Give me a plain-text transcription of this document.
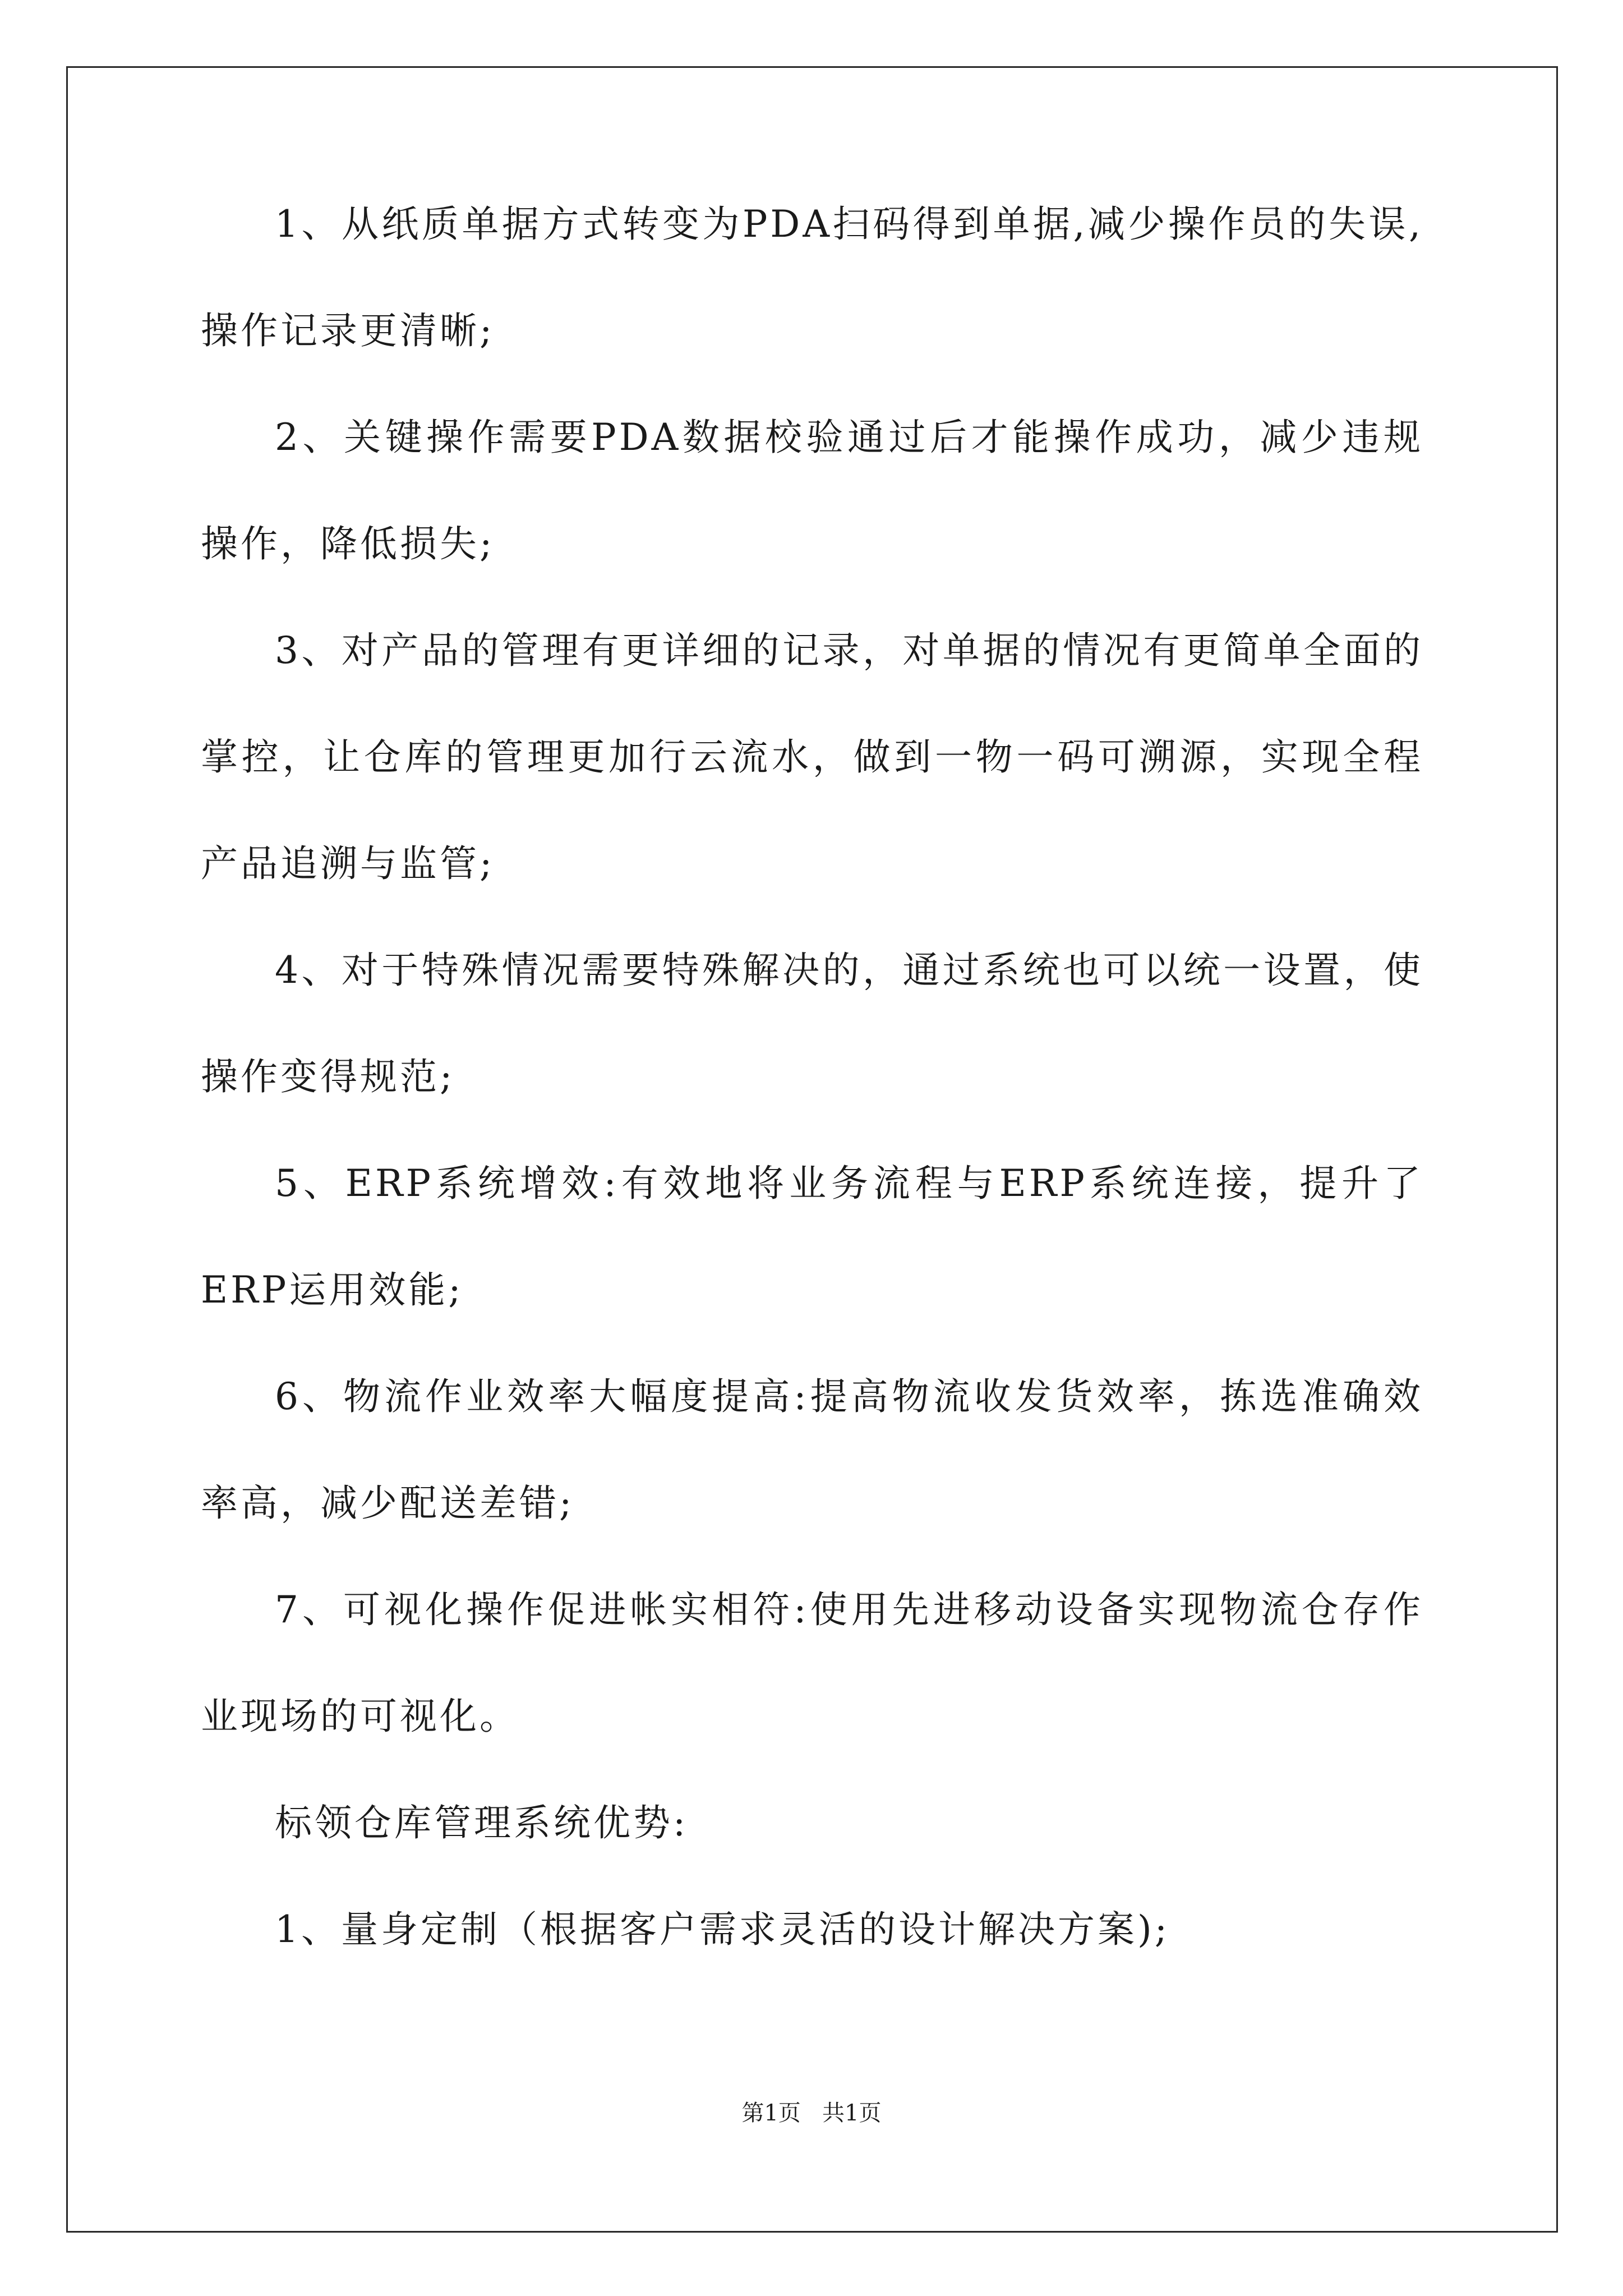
1、从纸质单据方式转变为PDA扫码得到单据,减少操作员的失误,操作记录更清晰;

2、关键操作需要PDA数据校验通过后才能操作成功，减少违规操作，降低损失;

3、对产品的管理有更详细的记录，对单据的情况有更简单全面的掌控，让仓库的管理更加行云流水，做到一物一码可溯源，实现全程产品追溯与监管;

4、对于特殊情况需要特殊解决的，通过系统也可以统一设置，使操作变得规范;

5、ERP系统增效:有效地将业务流程与ERP系统连接，提升了ERP运用效能;

6、物流作业效率大幅度提高:提高物流收发货效率，拣选准确效率高，减少配送差错;

7、可视化操作促进帐实相符:使用先进移动设备实现物流仓存作业现场的可视化。

标领仓库管理系统优势:

1、量身定制（根据客户需求灵活的设计解决方案);

第1页   共1页
